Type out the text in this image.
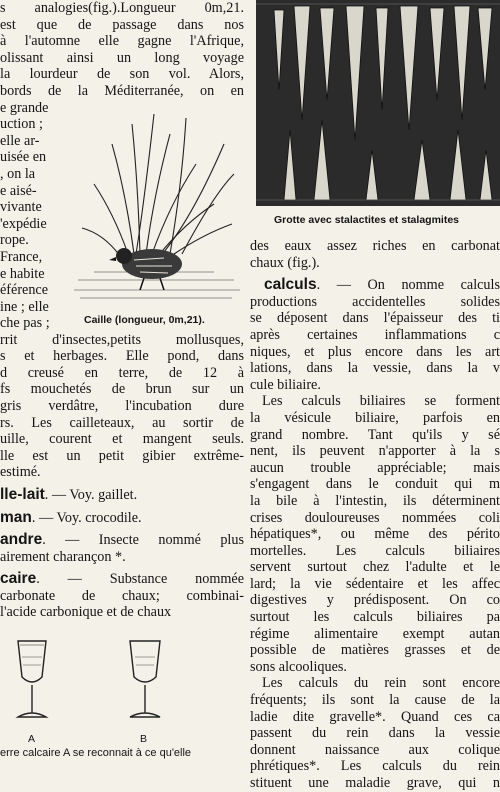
s analogies(fig.).Longueur 0m,21.
est que de passage dans nos
à l'automne elle gagne l'Afrique,
olissant ainsi un long voyage
la lourdeur de son vol. Alors,
bords de la Méditerranée, on en
e grande
uction ;
elle ar-
uisée en
, on la
e aisé-
vivante
'expédie
rope.
France,
e habite
éférence
ine ; elle
che pas ;	Caille (longueur, 0m,21).
rrit d'insectes,petits mollusques,
s et herbages. Elle pond, dans
d creusé en terre, de 12 à
fs mouchetés de brun sur un
gris verdâtre, l'incubation dure
rs. Les cailleteaux, au sortir de
uille, courent et mangent seuls.
lle est un petit gibier extrême-
estimé.
lle-lait. — Voy. gaillet.
man. — Voy. crocodile.
andre. — Insecte nommé plus
airement charançon *.
caire. — Substance nommée
carbonate de chaux; combinai-
l'acide carbonique et de chaux
A	B
erre calcaire A se reconnait à ce qu'elle
Grotte avec stalactites et stalagmites
des eaux assez riches en carbonat
chaux (fig.).
calculs. — On nomme calculs
productions accidentelles solides
se déposent dans l'épaisseur des ti
après certaines inflammations c
niques, et plus encore dans les art
lations, dans la vessie, dans la v
cule biliaire.
Les calculs biliaires se forment
la vésicule biliaire, parfois en
grand nombre. Tant qu'ils y sé
nent, ils peuvent n'apporter à la s
aucun trouble appréciable; mais
s'engagent dans le conduit qui m
la bile à l'intestin, ils déterminent
crises douloureuses nommées coli
hépatiques*, ou même des périto
mortelles. Les calculs biliaires
servent surtout chez l'adulte et le
lard; la vie sédentaire et les affec
digestives y prédisposent. On co
surtout les calculs biliaires pa
régime alimentaire exempt autan
possible de matières grasses et de
sons alcooliques.
Les calculs du rein sont encore
fréquents; ils sont la cause de la
ladie dite gravelle*. Quand ces ca
passent du rein dans la vessie
donnent naissance aux colique
phrétiques*. Les calculs du rein
stituent une maladie grave, qui n
